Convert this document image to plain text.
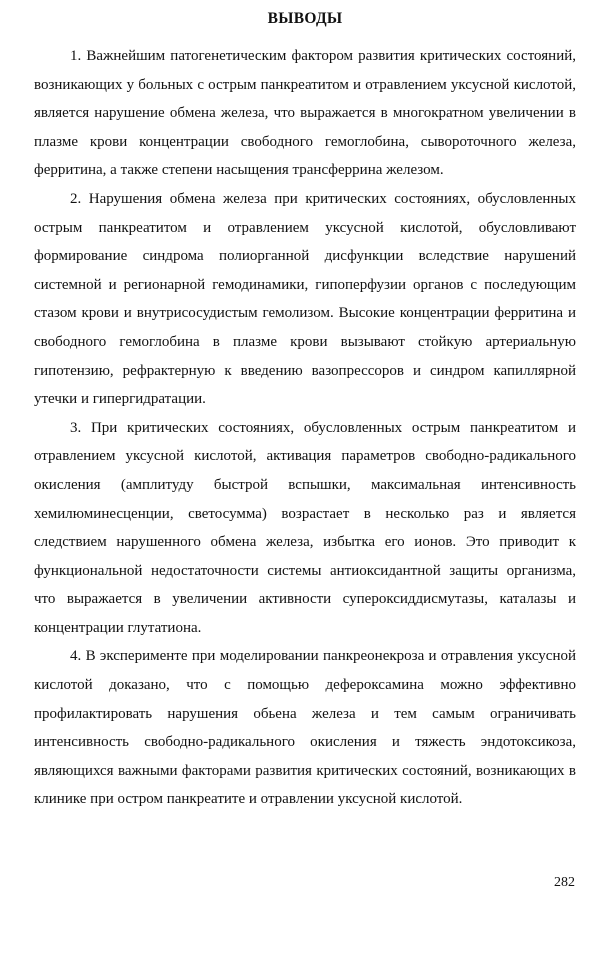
ВЫВОДЫ

1. Важнейшим патогенетическим фактором развития критических состояний, возникающих у больных с острым панкреатитом и отравлением уксусной кислотой, является нарушение обмена железа, что выражается в многократном увеличении в плазме крови концентрации свободного гемоглобина, сывороточного железа, ферритина, а также степени насыщения трансферрина железом.

2. Нарушения обмена железа при критических состояниях, обусловленных острым панкреатитом и отравлением уксусной кислотой, обусловливают формирование синдрома полиорганной дисфункции вследствие нарушений системной и регионарной гемодинамики, гипоперфузии органов с последующим стазом крови и внутрисосудистым гемолизом. Высокие концентрации ферритина и свободного гемоглобина в плазме крови вызывают стойкую артериальную гипотензию, рефрактерную к введению вазопрессоров и синдром капиллярной утечки и гипергидратации.

3. При критических состояниях, обусловленных острым панкреатитом и отравлением уксусной кислотой, активация параметров свободно-радикального окисления (амплитуду быстрой вспышки, максимальная интенсивность хемилюминесценции, светосумма) возрастает в несколько раз и является следствием нарушенного обмена железа, избытка его ионов. Это приводит к функциональной недостаточности системы антиоксидантной защиты организма, что выражается в увеличении активности супероксиддисмутазы, каталазы и концентрации глутатиона.

4. В эксперименте при моделировании панкреонекроза и отравления уксусной кислотой доказано, что с помощью дефероксамина можно эффективно профилактировать нарушения обьена железа и тем самым ограничивать интенсивность свободно-радикального окисления и тяжесть эндотоксикоза, являющихся важными факторами развития критических состояний, возникающих в клинике при остром панкреатите и отравлении уксусной кислотой.

282
